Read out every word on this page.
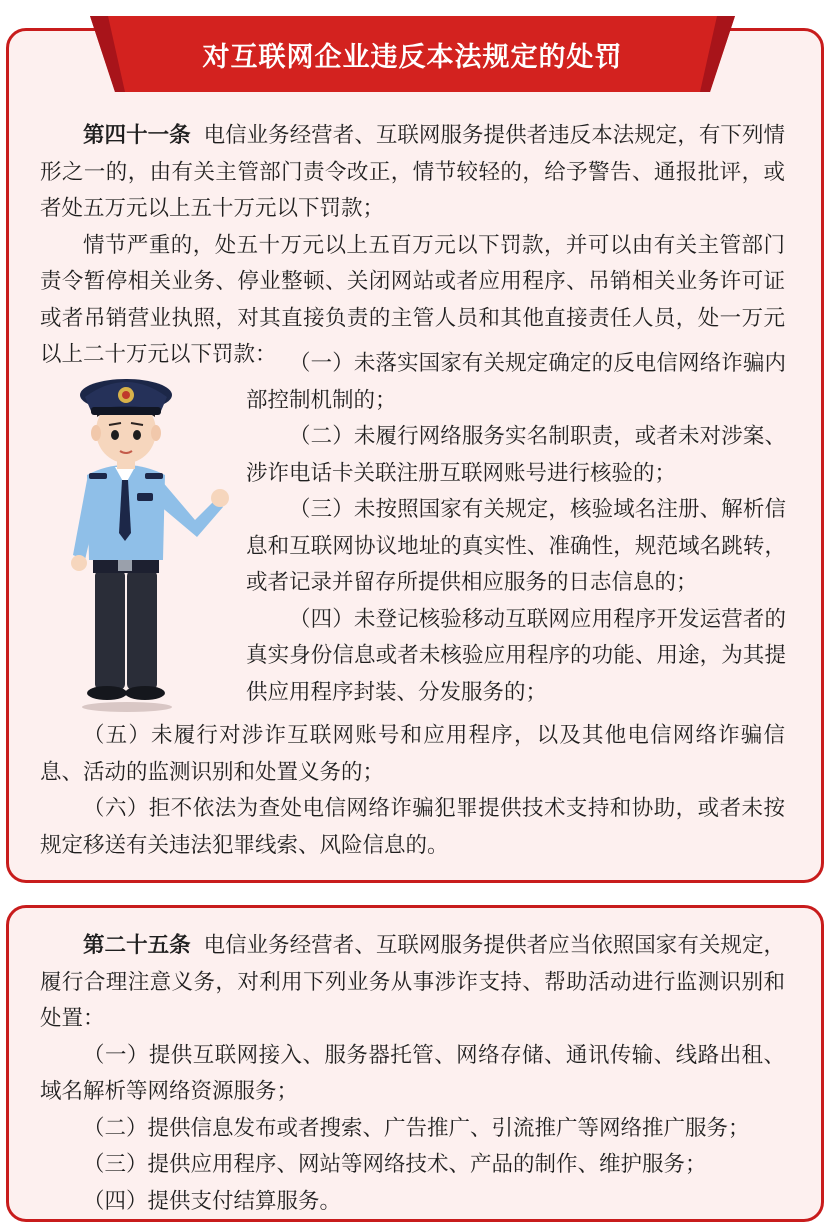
对互联网企业违反本法规定的处罚

第四十一条 电信业务经营者、互联网服务提供者违反本法规定，有下列情形之一的，由有关主管部门责令改正，情节较轻的，给予警告、通报批评，或者处五万元以上五十万元以下罚款；

情节严重的，处五十万元以上五百万元以下罚款，并可以由有关主管部门责令暂停相关业务、停业整顿、关闭网站或者应用程序、吊销相关业务许可证或者吊销营业执照，对其直接负责的主管人员和其他直接责任人员，处一万元以上二十万元以下罚款： （一）未落实国家有关规定确定的反电信网络诈骗内部控制机制的；

（二）未履行网络服务实名制职责，或者未对涉案、涉诈电话卡关联注册互联网账号进行核验的；

（三）未按照国家有关规定，核验域名注册、解析信息和互联网协议地址的真实性、准确性，规范域名跳转，或者记录并留存所提供相应服务的日志信息的；

（四）未登记核验移动互联网应用程序开发运营者的真实身份信息或者未核验应用程序的功能、用途，为其提供应用程序封装、分发服务的；

（五）未履行对涉诈互联网账号和应用程序，以及其他电信网络诈骗信息、活动的监测识别和处置义务的；

（六）拒不依法为查处电信网络诈骗犯罪提供技术支持和协助，或者未按规定移送有关违法犯罪线索、风险信息的。

第二十五条 电信业务经营者、互联网服务提供者应当依照国家有关规定，履行合理注意义务，对利用下列业务从事涉诈支持、帮助活动进行监测识别和处置：

（一）提供互联网接入、服务器托管、网络存储、通讯传输、线路出租、域名解析等网络资源服务；

（二）提供信息发布或者搜索、广告推广、引流推广等网络推广服务；

（三）提供应用程序、网站等网络技术、产品的制作、维护服务；

（四）提供支付结算服务。
